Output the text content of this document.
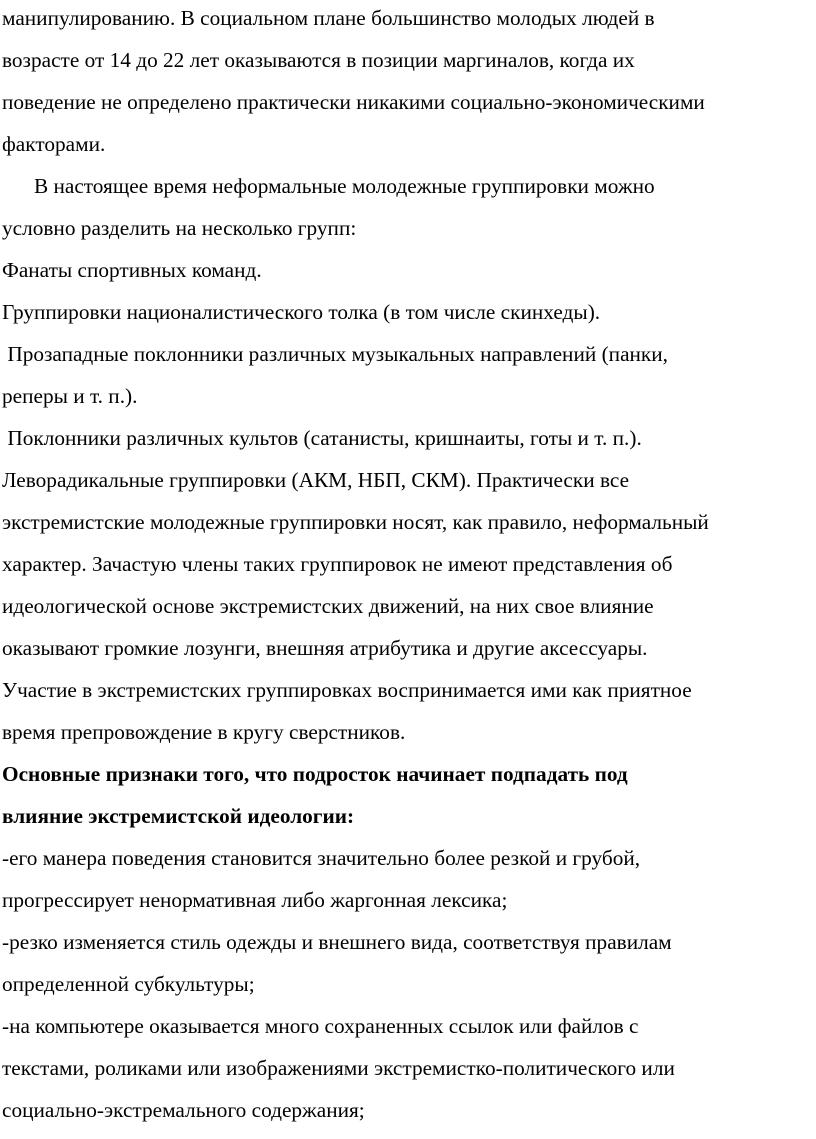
манипулированию. В социальном плане большинство молодых людей в
возрасте от 14 до 22 лет оказываются в позиции маргиналов, когда их
поведение не определено практически никакими социально-экономическими
факторами.
В настоящее время неформальные молодежные группировки можно
условно разделить на несколько групп:
Фанаты спортивных команд.
Группировки националистического толка (в том числе скинхеды).
Прозападные поклонники различных музыкальных направлений (панки,
реперы и т. п.).
Поклонники различных культов (сатанисты, кришнаиты, готы и т. п.).
Леворадикальные группировки (АКМ, НБП, СКМ). Практически все
экстремистские молодежные группировки носят, как правило, неформальный
характер. Зачастую члены таких группировок не имеют представления об
идеологической основе экстремистских движений, на них свое влияние
оказывают громкие лозунги, внешняя атрибутика и другие аксессуары.
Участие в экстремистских группировках воспринимается ими как приятное
время препровождение в кругу сверстников.
Основные признаки того, что подросток начинает подпадать под
влияние экстремистской идеологии:
-его манера поведения становится значительно более резкой и грубой,
прогрессирует ненормативная либо жаргонная лексика;
-резко изменяется стиль одежды и внешнего вида, соответствуя правилам
определенной субкультуры;
-на компьютере оказывается много сохраненных ссылок или файлов с
текстами, роликами или изображениями экстремистко-политического или
социально-экстремального содержания;
